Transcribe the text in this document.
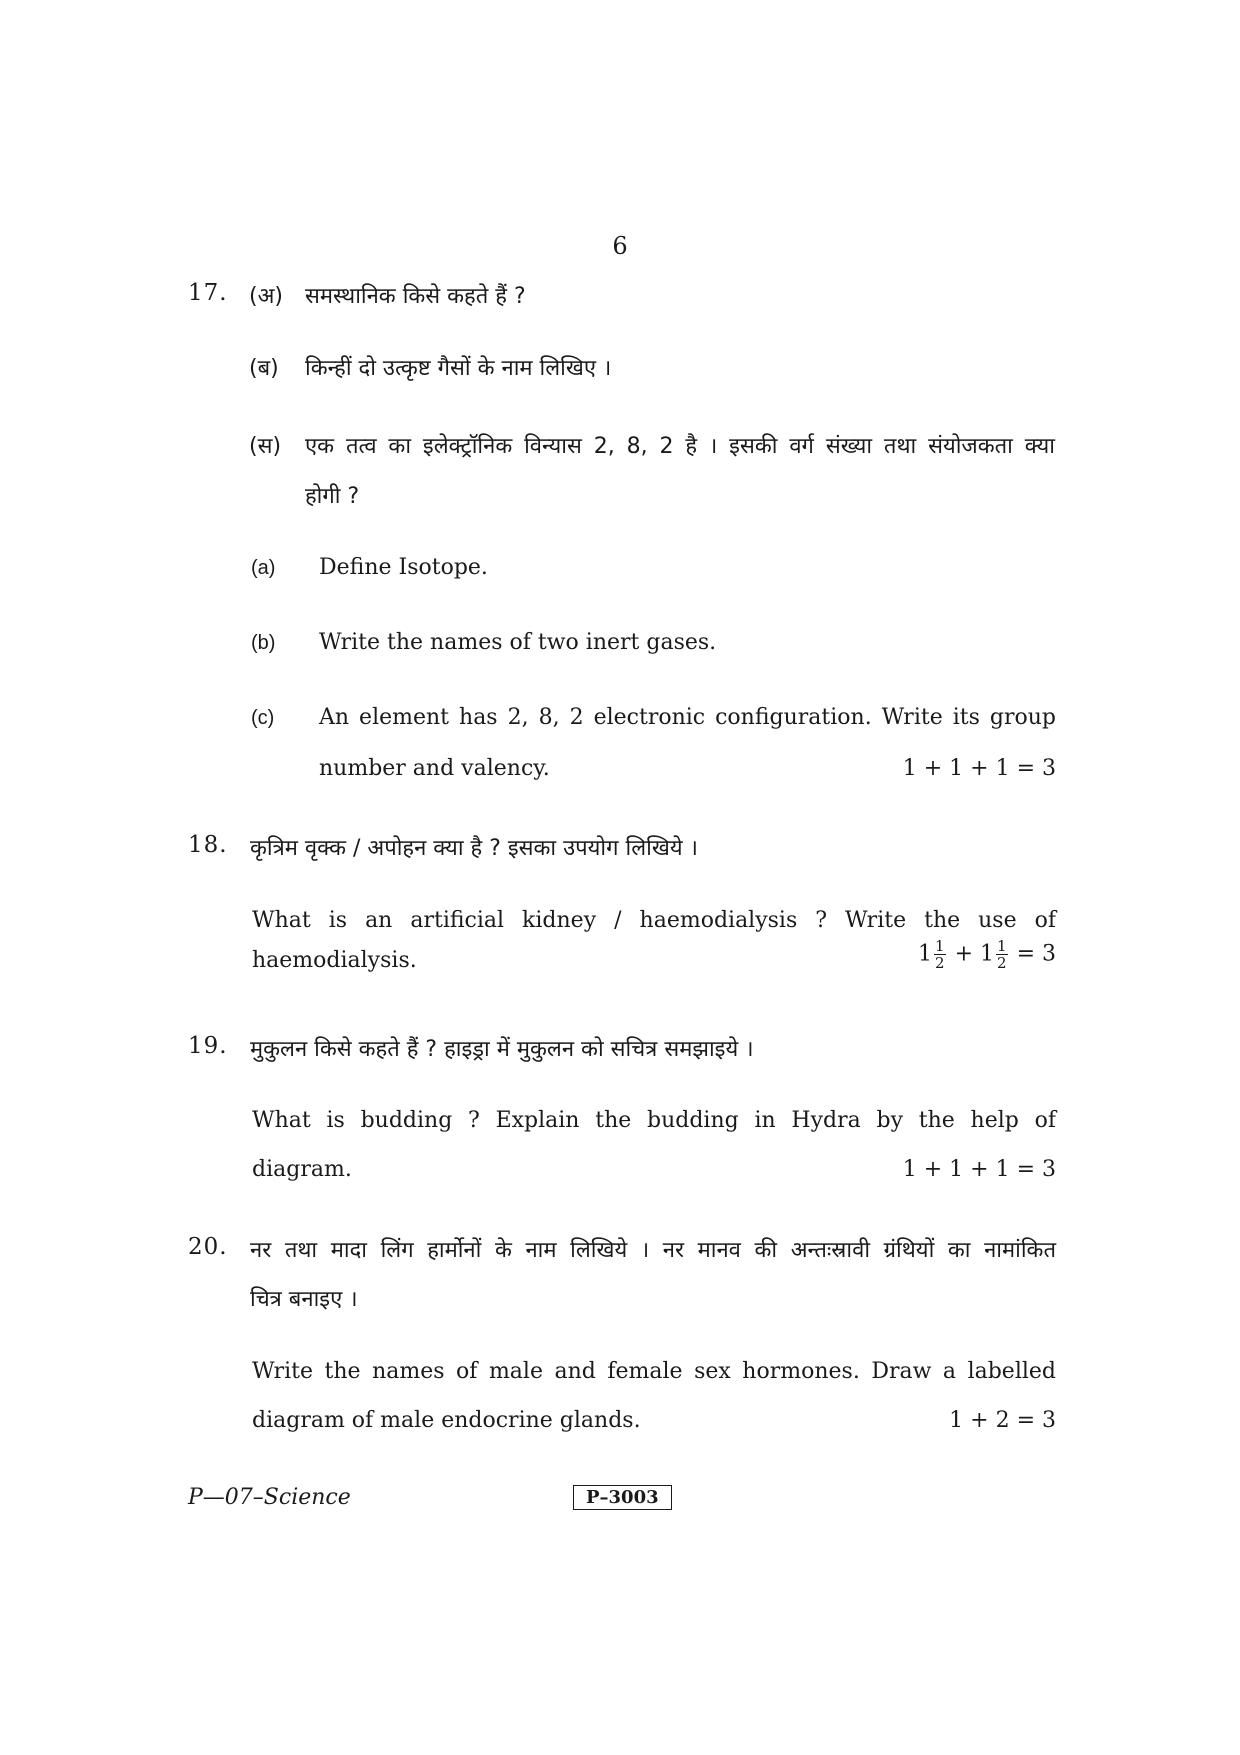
6
17. (अ) समस्थानिक किसे कहते हैं ?
(ब) किन्हीं दो उत्कृष्ट गैसों के नाम लिखिए ।
(स) एक तत्व का इलेक्ट्रॉनिक विन्यास 2, 8, 2 है । इसकी वर्ग संख्या तथा संयोजकता क्या
होगी ?
(a) Define Isotope.
(b) Write the names of two inert gases.
(c) An element has 2, 8, 2 electronic configuration. Write its group
number and valency.	1 + 1 + 1 = 3
18.	कृत्रिम वृक्क / अपोहन क्या है ? इसका उपयोग लिखिये ।
What is an artificial kidney / haemodialysis ? Write the use of
haemodialysis.	$1 \frac{1}{2} + 1 \frac{1}{2} = 3$
19.	मुकुलन किसे कहते हैं ? हाइड्रा में मुकुलन को सचित्र समझाइये ।
What is budding ? Explain the budding in Hydra by the help of
diagram.	1 + 1 + 1 = 3
20.	नर तथा मादा लिंग हार्मोनों के नाम लिखिये । नर मानव की अन्तःस्रावी ग्रंथियों का नामांकित
चित्र बनाइए ।
Write the names of male and female sex hormones. Draw a labelled
diagram of male endocrine glands.	1 + 2 = 3
P—07–Science	P–3003
